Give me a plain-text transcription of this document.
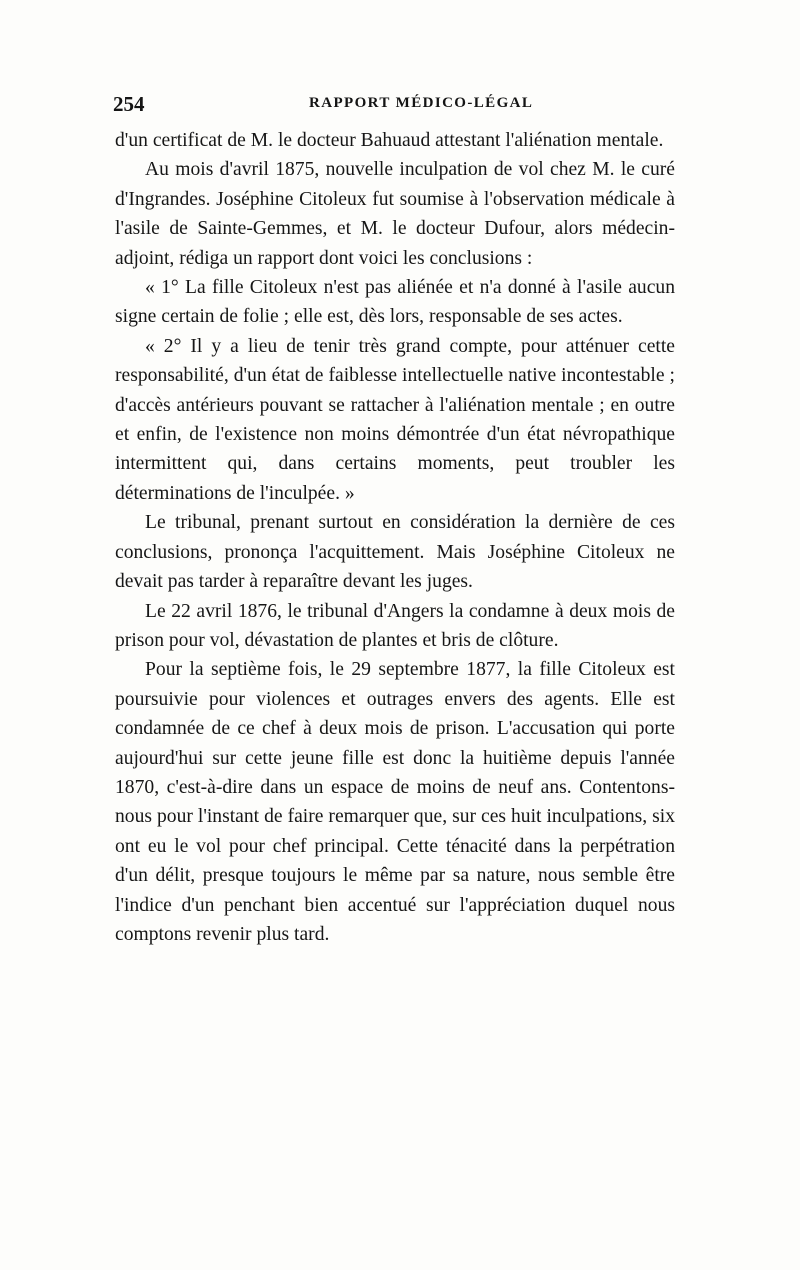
254	RAPPORT MÉDICO-LÉGAL

d'un certificat de M. le docteur Bahuaud attestant l'aliénation mentale.

Au mois d'avril 1875, nouvelle inculpation de vol chez M. le curé d'Ingrandes. Joséphine Citoleux fut soumise à l'observation médicale à l'asile de Sainte-Gemmes, et M. le docteur Dufour, alors médecin-adjoint, rédiga un rapport dont voici les conclusions :

« 1° La fille Citoleux n'est pas aliénée et n'a donné à l'asile aucun signe certain de folie ; elle est, dès lors, responsable de ses actes.

« 2° Il y a lieu de tenir très grand compte, pour atténuer cette responsabilité, d'un état de faiblesse intellectuelle native incontestable ; d'accès antérieurs pouvant se rattacher à l'aliénation mentale ; en outre et enfin, de l'existence non moins démontrée d'un état névropathique intermittent qui, dans certains moments, peut troubler les déterminations de l'inculpée. »

Le tribunal, prenant surtout en considération la dernière de ces conclusions, prononça l'acquittement. Mais Joséphine Citoleux ne devait pas tarder à reparaître devant les juges.

Le 22 avril 1876, le tribunal d'Angers la condamne à deux mois de prison pour vol, dévastation de plantes et bris de clôture.

Pour la septième fois, le 29 septembre 1877, la fille Citoleux est poursuivie pour violences et outrages envers des agents. Elle est condamnée de ce chef à deux mois de prison. L'accusation qui porte aujourd'hui sur cette jeune fille est donc la huitième depuis l'année 1870, c'est-à-dire dans un espace de moins de neuf ans. Contentons-nous pour l'instant de faire remarquer que, sur ces huit inculpations, six ont eu le vol pour chef principal. Cette ténacité dans la perpétration d'un délit, presque toujours le même par sa nature, nous semble être l'indice d'un penchant bien accentué sur l'appréciation duquel nous comptons revenir plus tard.
